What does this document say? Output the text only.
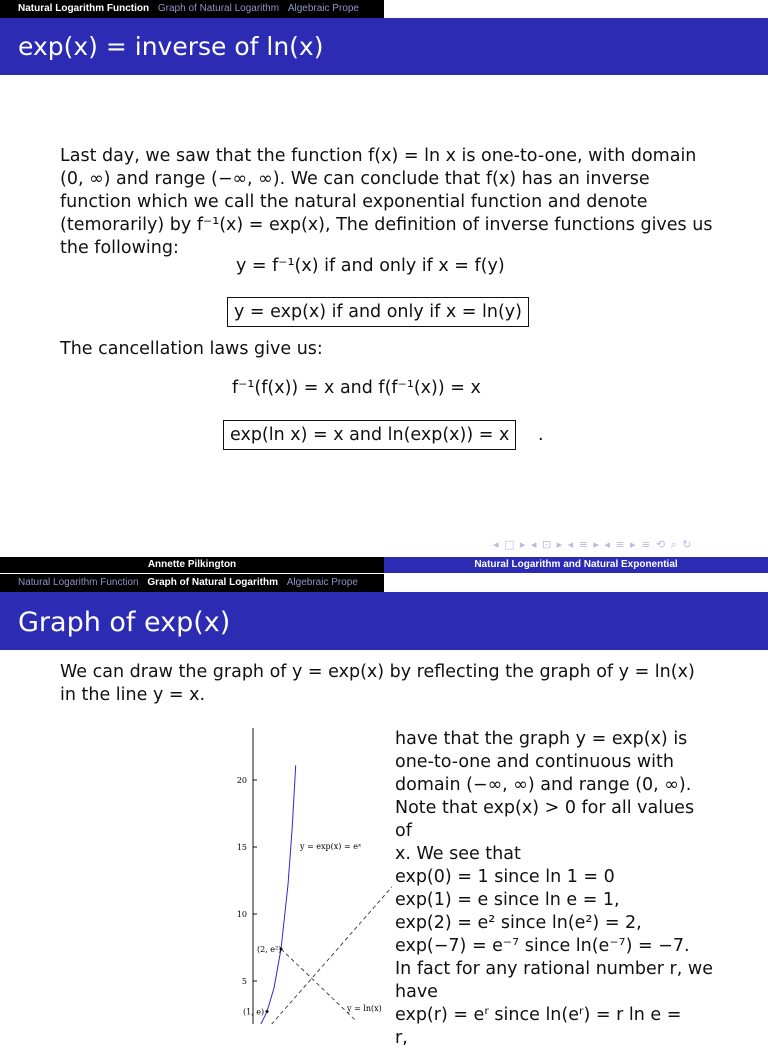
Natural Logarithm Function Graph of Natural Logarithm Algebraic Prope
exp(x) = inverse of ln(x)
Last day, we saw that the function f(x) = ln x is one-to-one, with domain (0, ∞) and range (−∞, ∞). We can conclude that f(x) has an inverse function which we call the natural exponential function and denote (temorarily) by f⁻¹(x) = exp(x), The definition of inverse functions gives us the following:
y = f⁻¹(x) if and only if x = f(y)
y = exp(x) if and only if x = ln(y)
The cancellation laws give us:
f⁻¹(f(x)) = x and f(f⁻¹(x)) = x
exp(ln x) = x and ln(exp(x)) = x	.
◂ □ ▸ ◂ ⊡ ▸ ◂ ≡ ▸ ◂ ≡ ▸ ≡ ⟲ ⌕ ↻
Annette Pilkington	Natural Logarithm and Natural Exponential
Natural Logarithm Function Graph of Natural Logarithm Algebraic Prope
Graph of exp(x)
We can draw the graph of y = exp(x) by reflecting the graph of y = ln(x) in the line y = x.
20
15
10
5
(2, e²)
(1, e)
y = exp(x) = eˣ
y = ln(x)
have that the graph y = exp(x) is
one-to-one and continuous with
domain (−∞, ∞) and range (0, ∞).
Note that exp(x) > 0 for all values of
x. We see that
exp(0) = 1 since ln 1 = 0
exp(1) = e since ln e = 1,
exp(2) = e² since ln(e²) = 2,
exp(−7) = e⁻⁷ since ln(e⁻⁷) = −7.
In fact for any rational number r, we
have
exp(r) = eʳ since ln(eʳ) = r ln e =
r,
